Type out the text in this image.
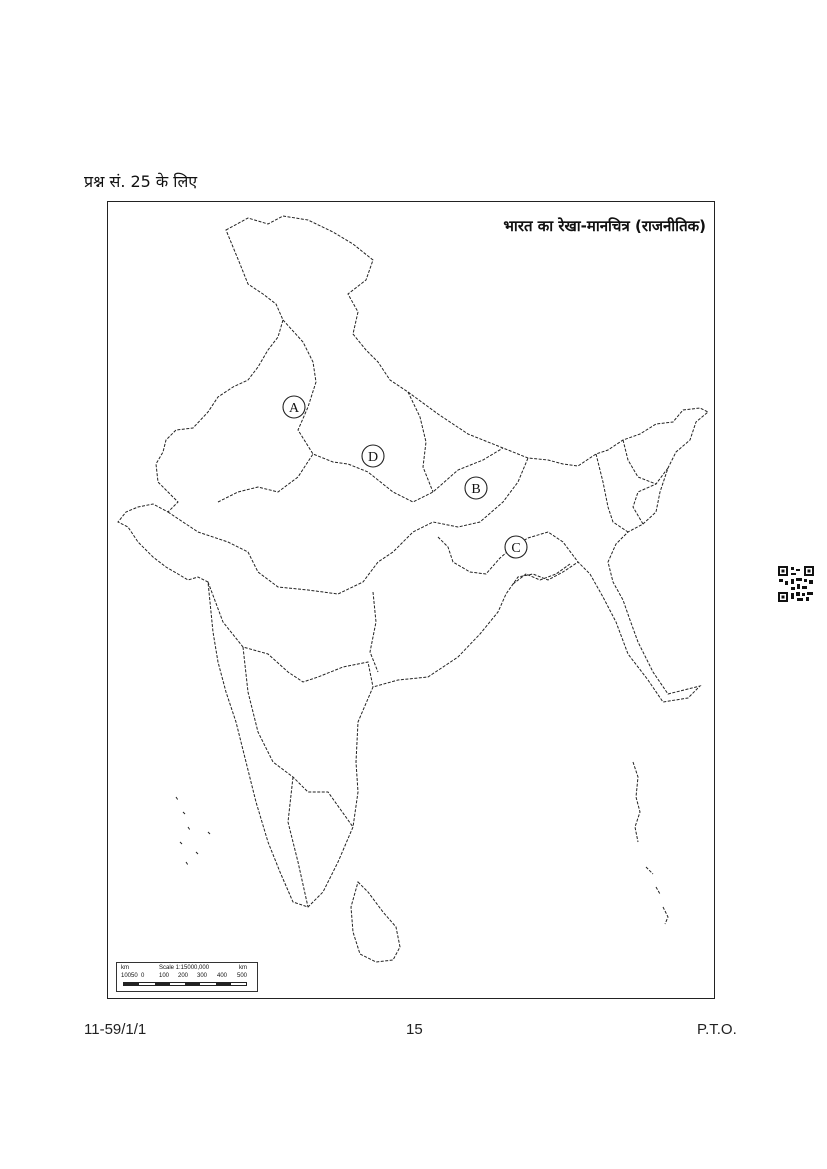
प्रश्न सं. 25 के लिए
A
D
B
C
भारत का रेखा-मानचित्र (राजनीतिक)
km	Scale 1:15000,000	km
100 50 0 100 200 300 400 500
11-59/1/1	15	P.T.O.
